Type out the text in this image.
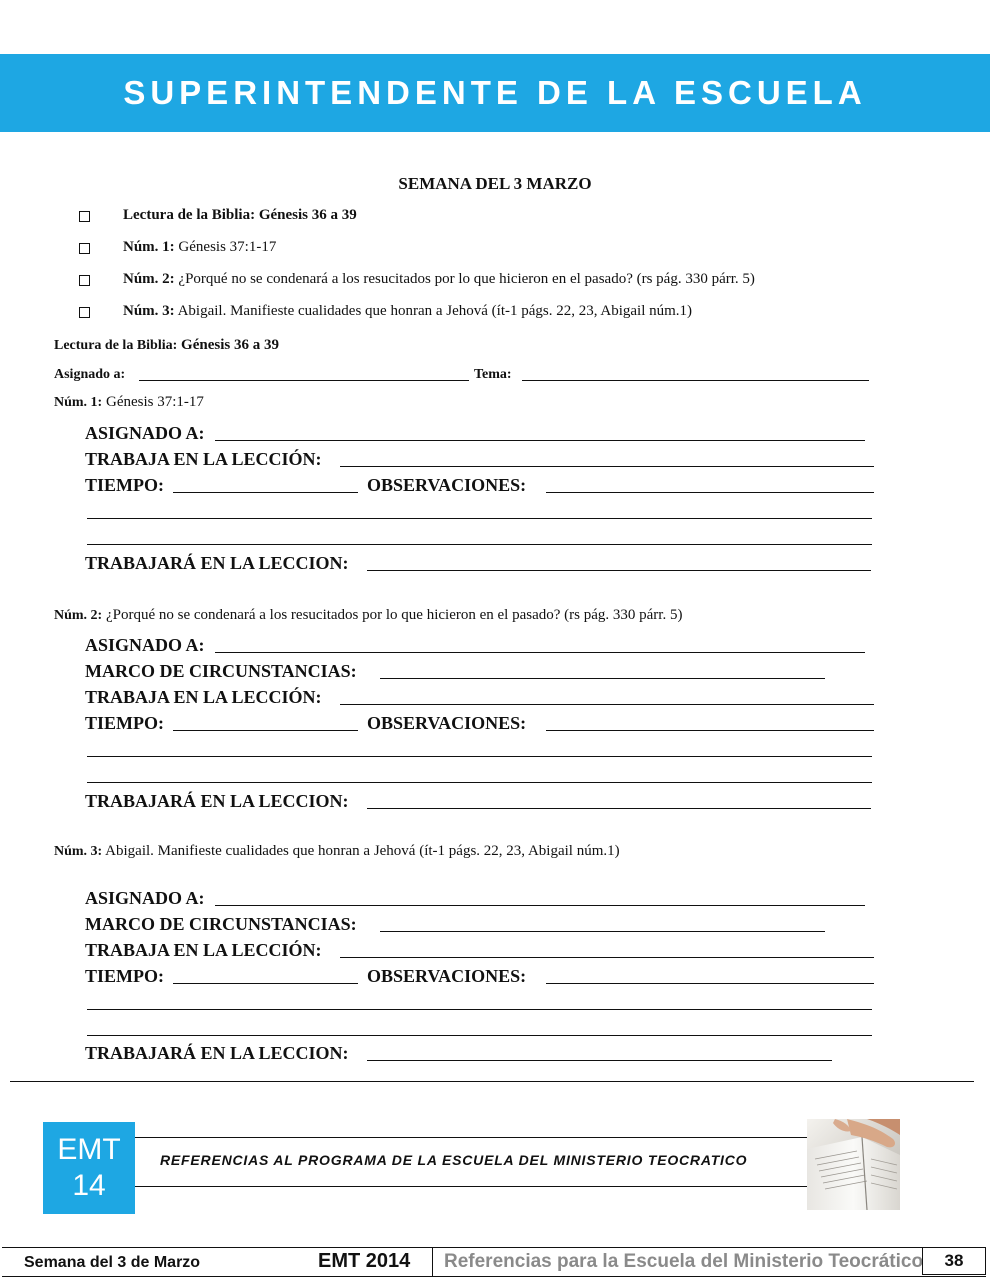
SUPERINTENDENTE DE LA ESCUELA
SEMANA DEL 3 MARZO
Lectura de la Biblia: Génesis 36 a 39
Núm. 1: Génesis 37:1-17
Núm. 2: ¿Porqué no se condenará a los resucitados por lo que hicieron en el pasado? (rs pág. 330 párr. 5)
Núm. 3: Abigail. Manifieste cualidades que honran a Jehová (ít-1 págs. 22, 23, Abigail núm.1)
Lectura de la Biblia: Génesis 36 a 39
Asignado a:	Tema:
Núm. 1: Génesis 37:1-17
ASIGNADO A:
TRABAJA EN LA LECCIÓN:
TIEMPO:	OBSERVACIONES:
TRABAJARÁ EN LA LECCION:
Núm. 2: ¿Porqué no se condenará a los resucitados por lo que hicieron en el pasado? (rs pág. 330 párr. 5)
ASIGNADO A:
MARCO DE CIRCUNSTANCIAS:
TRABAJA EN LA LECCIÓN:
TIEMPO:	OBSERVACIONES:
TRABAJARÁ EN LA LECCION:
Núm. 3: Abigail. Manifieste cualidades que honran a Jehová (ít-1 págs. 22, 23, Abigail núm.1)
ASIGNADO A:
MARCO DE CIRCUNSTANCIAS:
TRABAJA EN LA LECCIÓN:
TIEMPO:	OBSERVACIONES:
TRABAJARÁ EN LA LECCION:
EMT
14
REFERENCIAS AL PROGRAMA DE LA ESCUELA DEL MINISTERIO TEOCRATICO
Semana del 3 de Marzo	EMT 2014 Referencias para la Escuela del Ministerio Teocrático	38
